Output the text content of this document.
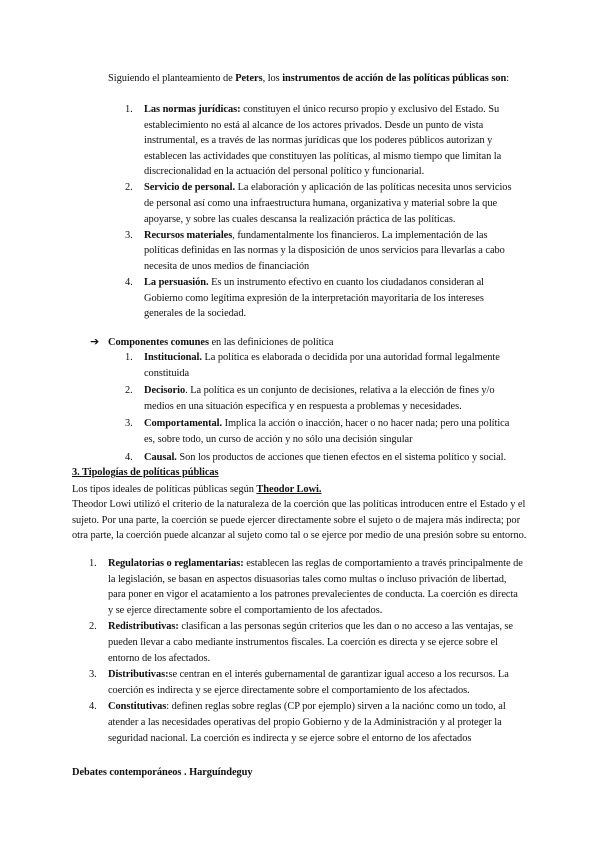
Siguiendo el planteamiento de Peters, los instrumentos de acción de las políticas públicas son:

1. Las normas jurídicas: constituyen el único recurso propio y exclusivo del Estado. Su establecimiento no está al alcance de los actores privados. Desde un punto de vista instrumental, es a través de las normas jurídicas que los poderes públicos autorizan y establecen las actividades que constituyen las políticas, al mismo tiempo que limitan la discrecionalidad en la actuación del personal político y funcionarial.
2. Servicio de personal. La elaboración y aplicación de las políticas necesita unos servicios de personal así como una infraestructura humana, organizativa y material sobre la que apoyarse, y sobre las cuales descansa la realización práctica de las políticas.
3. Recursos materiales, fundamentalmente los financieros. La implementación de las políticas definidas en las normas y la disposición de unos servicios para llevarlas a cabo necesita de unos medios de financiación
4. La persuasión. Es un instrumento efectivo en cuanto los ciudadanos consideran al Gobierno como legítima expresión de la interpretación mayoritaria de los intereses generales de la sociedad.
➔ Componentes comunes en las definiciones de política

1. Institucional. La política es elaborada o decidida por una autoridad formal legalmente constituida
2. Decisorio. La política es un conjunto de decisiones, relativa a la elección de fines y/o medios en una situación específica y en respuesta a problemas y necesidades.
3. Comportamental. Implica la acción o inacción, hacer o no hacer nada; pero una política es, sobre todo, un curso de acción y no sólo una decisión singular
4. Causal. Son los productos de acciones que tienen efectos en el sistema político y social.

3. Tipologías de políticas públicas

Los tipos ideales de políticas públicas según Theodor Lowi.

Theodor Lowi utilizó el criterio de la naturaleza de la coerción que las políticas introducen entre el Estado y el sujeto. Por una parte, la coerción se puede ejercer directamente sobre el sujeto o de majera más indirecta; por otra parte, la coerción puede alcanzar al sujeto como tal o se ejerce por medio de una presión sobre su entorno.

1. Regulatorias o reglamentarias: establecen las reglas de comportamiento a través principalmente de la legislación, se basan en aspectos disuasorias tales como multas o incluso privación de libertad, para poner en vigor el acatamiento a los patrones prevalecientes de conducta. La coerción es directa y se ejerce directamente sobre el comportamiento de los afectados.
2. Redistributivas: clasifican a las personas según criterios que les dan o no acceso a las ventajas, se pueden llevar a cabo mediante instrumentos fiscales. La coerción es directa y se ejerce sobre el entorno de los afectados.
3. Distributivas:se centran en el interés gubernamental de garantizar igual acceso a los recursos. La coerción es indirecta y se ejerce directamente sobre el comportamiento de los afectados.
4. Constitutivas: definen reglas sobre reglas (CP por ejemplo) sirven a la naciónc como un todo, al atender a las necesidades operativas del propio Gobierno y de la Administración y al proteger la seguridad nacional. La coerción es indirecta y se ejerce sobre el entorno de los afectados

Debates contemporáneos . Harguíndeguy
